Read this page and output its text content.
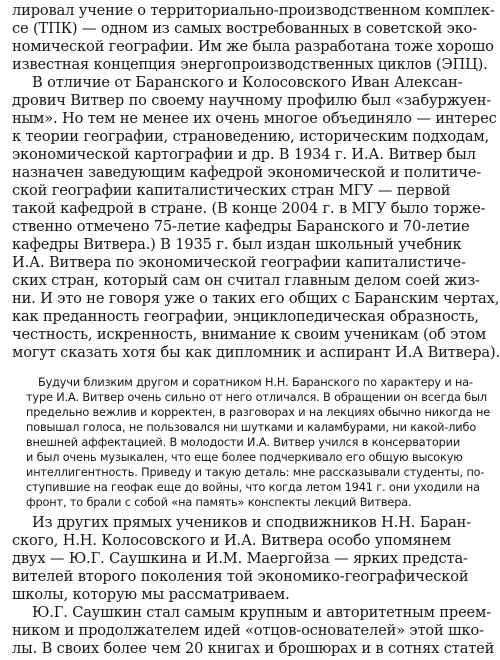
лировал учение о территориально-производственном комплек-
се (ТПК) — одном из самых востребованных в советской эко-
номической географии. Им же была разработана тоже хорошо
известная концепция энергопроизводственных циклов (ЭПЦ).
В отличие от Баранского и Колосовского Иван Алексан-
дрович Витвер по своему научному профилю был «забуржуен-
ным». Но тем не менее их очень многое объединяло — интерес
к теории географии, страноведению, историческим подходам,
экономической картографии и др. В 1934 г. И.А. Витвер был
назначен заведующим кафедрой экономической и политиче-
ской географии капиталистических стран МГУ — первой
такой кафедрой в стране. (В конце 2004 г. в МГУ было торже-
ственно отмечено 75-летие кафедры Баранского и 70-летие
кафедры Витвера.) В 1935 г. был издан школьный учебник
И.А. Витвера по экономической географии капиталистиче-
ских стран, который сам он считал главным делом соей жиз-
ни. И это не говоря уже о таких его общих с Баранским чертах,
как преданность географии, энциклопедическая образность,
честность, искренность, внимание к своим ученикам (об этом
могут сказать хотя бы как дипломник и аспирант И.А Витвера).
Будучи близким другом и соратником Н.Н. Баранского по характеру и на-
туре И.А. Витвер очень сильно от него отличался. В обращении он всегда был
предельно вежлив и корректен, в разговорах и на лекциях обычно никогда не
повышал голоса, не пользовался ни шутками и каламбурами, ни какой-либо
внешней аффектацией. В молодости И.А. Витвер учился в консерватории
и был очень музыкален, что еще более подчеркивало его общую высокую
интеллигентность. Приведу и такую деталь: мне рассказывали студенты, по-
ступившие на геофак еще до войны, что когда летом 1941 г. они уходили на
фронт, то брали с собой «на память» конспекты лекций Витвера.
Из других прямых учеников и сподвижников Н.Н. Баран-
ского, Н.Н. Колосовского и И.А. Витвера особо упомянем
двух — Ю.Г. Саушкина и И.М. Маергойза — ярких предста-
вителей второго поколения той экономико-географической
школы, которую мы рассматриваем.
Ю.Г. Саушкин стал самым крупным и авторитетным преем-
ником и продолжателем идей «отцов-основателей» этой шко-
лы. В своих более чем 20 книгах и брошюрах и в сотнях статей
